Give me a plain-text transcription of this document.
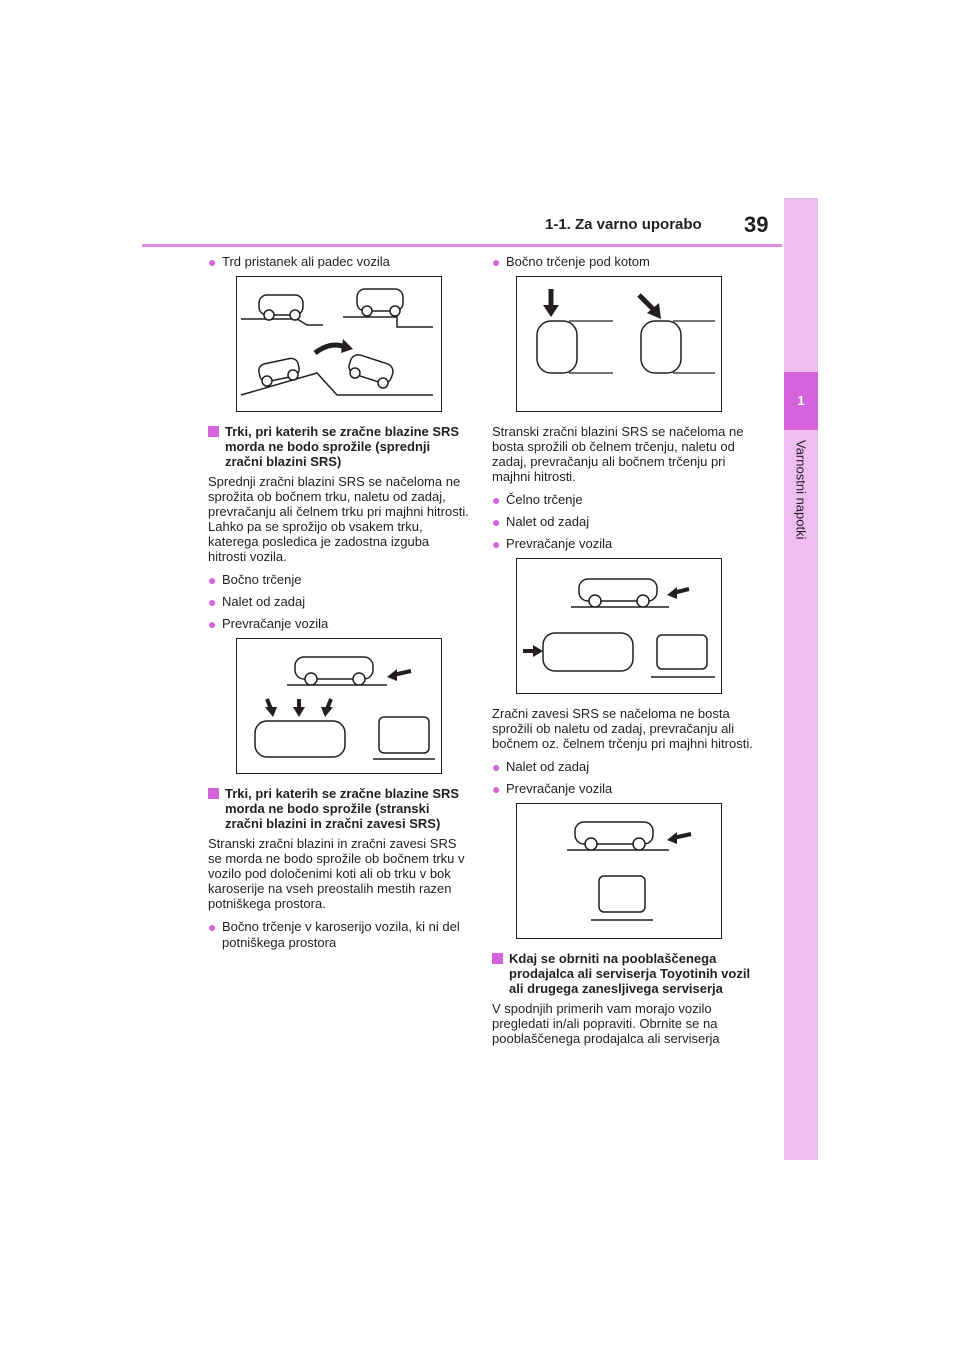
1-1. Za varno uporabo 39
1
Varnostni napotki
● Trd pristanek ali padec vozila
Trki, pri katerih se zračne blazine SRS morda ne bodo sprožile (sprednji zračni blazini SRS)
Sprednji zračni blazini SRS se načeloma ne sprožita ob bočnem trku, naletu od zadaj, prevračanju ali čelnem trku pri majhni hitrosti. Lahko pa se sprožijo ob vsakem trku, katerega posledica je zadostna izguba hitrosti vozila.
● Bočno trčenje
● Nalet od zadaj
● Prevračanje vozila
Trki, pri katerih se zračne blazine SRS morda ne bodo sprožile (stranski zračni blazini in zračni zavesi SRS)
Stranski zračni blazini in zračni zavesi SRS se morda ne bodo sprožile ob bočnem trku v vozilo pod določenimi koti ali ob trku v bok karoserije na vseh preostalih mestih razen potniškega prostora.
● Bočno trčenje v karoserijo vozila, ki ni del potniškega prostora
● Bočno trčenje pod kotom
Stranski zračni blazini SRS se načeloma ne bosta sprožili ob čelnem trčenju, naletu od zadaj, prevračanju ali bočnem trčenju pri majhni hitrosti.
● Čelno trčenje
● Nalet od zadaj
● Prevračanje vozila
Zračni zavesi SRS se načeloma ne bosta sprožili ob naletu od zadaj, prevračanju ali bočnem oz. čelnem trčenju pri majhni hitrosti.
● Nalet od zadaj
● Prevračanje vozila
Kdaj se obrniti na pooblaščenega prodajalca ali serviserja Toyotinih vozil ali drugega zanesljivega serviserja
V spodnjih primerih vam morajo vozilo pregledati in/ali popraviti. Obrnite se na pooblaščenega prodajalca ali serviserja
